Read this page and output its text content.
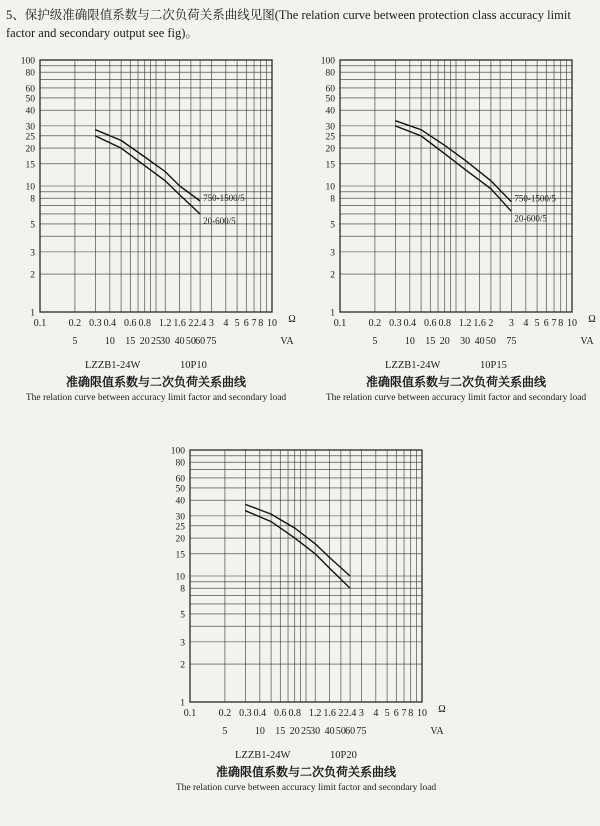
5、保护级准确限值系数与二次负荷关系曲线见图(The relation curve between protection class accuracy limit factor and secondary output see fig)。
1
2
3
5
8
10
15
20
25
30
40
50
60
80
100
0.1 0.2 0.3 0.4 0.6 0.8 1.2 1.6 2 2.4 3 4 5 6 7 8 10 Ω
5	10 15 20 25 30 40 50 60 75	VA
750-1500/5
20-600/5
LZZB1-24W	10P10
准确限值系数与二次负荷关系曲线
The relation curve between accuracy limit factor and secondary load
1
2
3
5
8
10
15
20
25
30
40
50
60
80
100
0.1 0.2 0.3 0.4 0.6 0.8 1.2 1.6 2 3 4 5 6 7 8 10 Ω
5	10 15 20 30 40 50 75	VA
750-1500/5
20-600/5
LZZB1-24W	10P15
准确限值系数与二次负荷关系曲线
The relation curve between accuracy limit factor and secondary load
1
2
3
5
8
10
15
20
25
30
40
50
60
80
100
0.1 0.2 0.3 0.4 0.6 0.8 1.2 1.6 2 2.4 3 4 5 6 7 8 10 Ω
5	10 15 20 25 30 40 50 60 75	VA
LZZB1-24W	10P20
准确限值系数与二次负荷关系曲线
The relation curve between accuracy limit factor and secondary load
